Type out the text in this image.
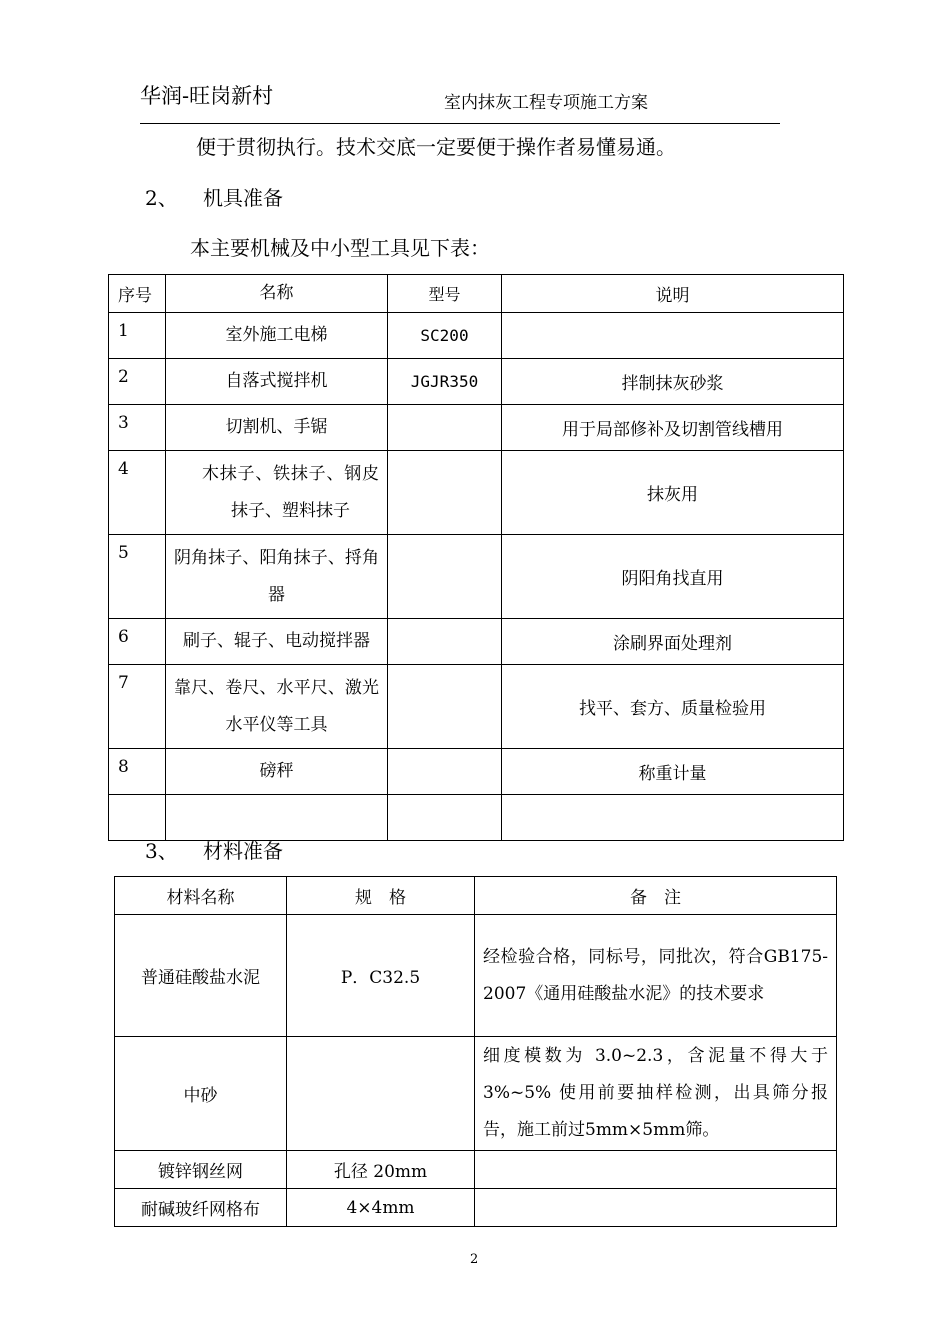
华润-旺岗新村	室内抹灰工程专项施工方案
便于贯彻执行。技术交底一定要便于操作者易懂易通。
2、 机具准备
本主要机械及中小型工具见下表：
序号	名称	型号	说明
1	室外施工电梯	SC200	
2	自落式搅拌机	JGJR350	拌制抹灰砂浆
3	切割机、手锯		用于局部修补及切割管线槽用
4	木抹子、铁抹子、钢皮抹子、塑料抹子		抹灰用
5	阴角抹子、阳角抹子、捋角器		阴阳角找直用
6	刷子、辊子、电动搅拌器		涂刷界面处理剂
7	靠尺、卷尺、水平尺、激光水平仪等工具		找平、套方、质量检验用
8	磅秤		称重计量

3、 材料准备
材料名称	规　格	备　注
普通硅酸盐水泥	P．C32.5	经检验合格，同标号，同批次，符合GB175-2007《通用硅酸盐水泥》的技术要求
中砂		细度模数为 3.0~2.3，含泥量不得大于3%~5% 使用前要抽样检测，出具筛分报告，施工前过5mm×5mm筛。
镀锌钢丝网	孔径 20mm	
耐碱玻纤网格布	4×4mm	
2
